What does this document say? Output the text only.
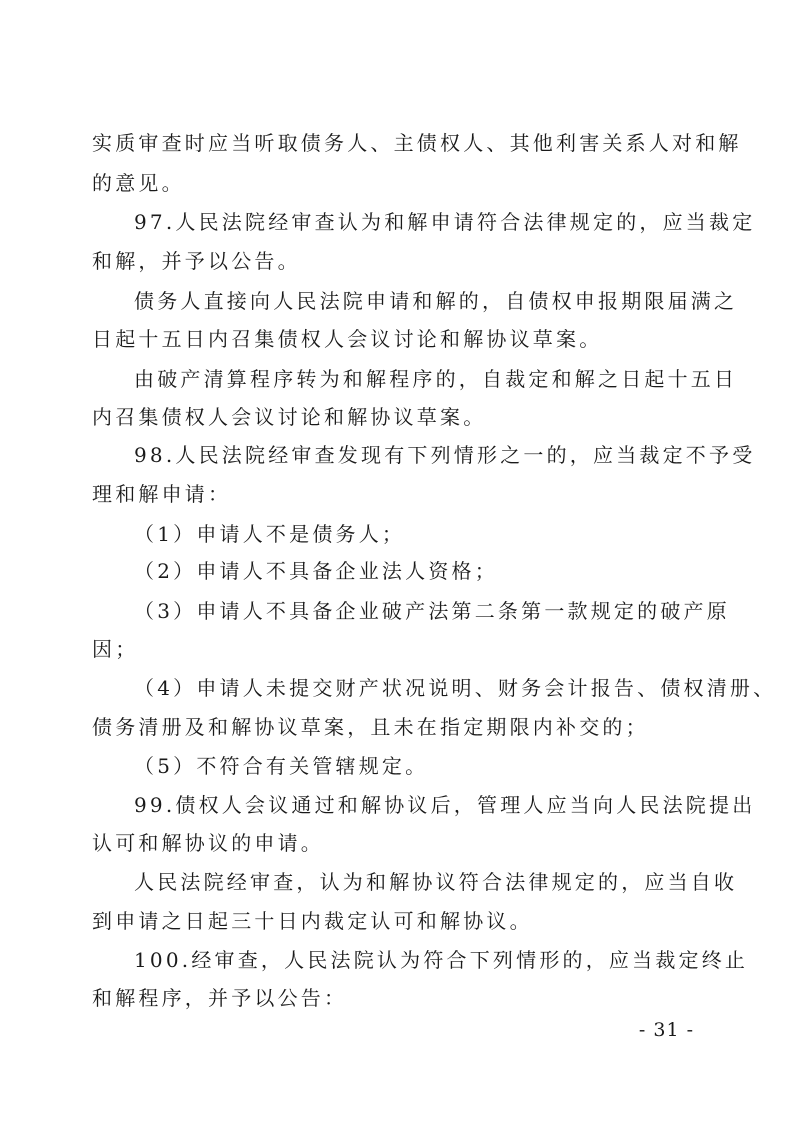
实质审查时应当听取债务人、主债权人、其他利害关系人对和解
的意见。
97.人民法院经审查认为和解申请符合法律规定的，应当裁定
和解，并予以公告。
债务人直接向人民法院申请和解的，自债权申报期限届满之
日起十五日内召集债权人会议讨论和解协议草案。
由破产清算程序转为和解程序的，自裁定和解之日起十五日
内召集债权人会议讨论和解协议草案。
98.人民法院经审查发现有下列情形之一的，应当裁定不予受
理和解申请：
（1）申请人不是债务人；
（2）申请人不具备企业法人资格；
（3）申请人不具备企业破产法第二条第一款规定的破产原
因；
（4）申请人未提交财产状况说明、财务会计报告、债权清册、
债务清册及和解协议草案，且未在指定期限内补交的；
（5）不符合有关管辖规定。
99.债权人会议通过和解协议后，管理人应当向人民法院提出
认可和解协议的申请。
人民法院经审查，认为和解协议符合法律规定的，应当自收
到申请之日起三十日内裁定认可和解协议。
100.经审查，人民法院认为符合下列情形的，应当裁定终止
和解程序，并予以公告：
- 31 -
